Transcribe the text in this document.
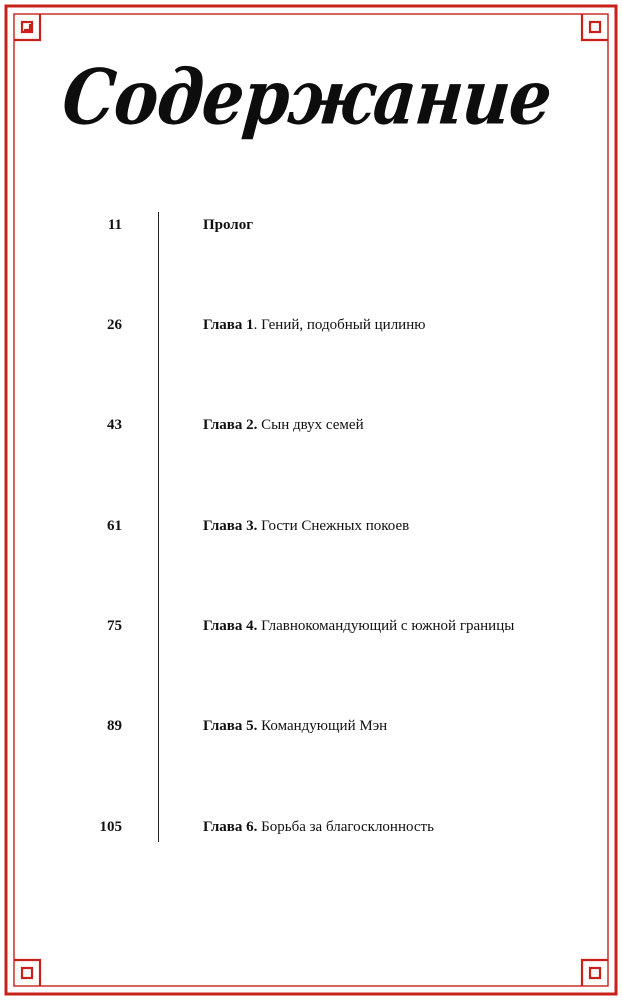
Содержание
11	Пролог
26	Глава 1. Гений, подобный цилиню
43	Глава 2. Сын двух семей
61	Глава 3. Гости Снежных покоев
75	Глава 4. Главнокомандующий с южной границы
89	Глава 5. Командующий Мэн
105	Глава 6. Борьба за благосклонность
